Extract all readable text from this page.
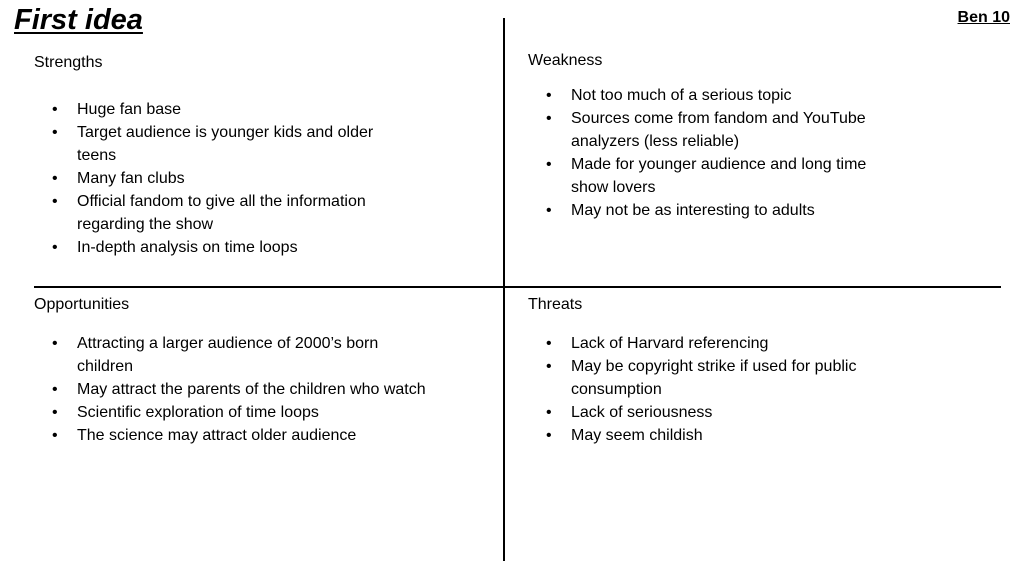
First idea	Ben 10
Strengths
• Huge fan base
• Target audience is younger kids and older teens
• Many fan clubs
• Official fandom to give all the information regarding the show
• In-depth analysis on time loops
Weakness
• Not too much of a serious topic
• Sources come from fandom and YouTube analyzers (less reliable)
• Made for younger audience and long time show lovers
• May not be as interesting to adults
Opportunities
• Attracting a larger audience of 2000’s born children
• May attract the parents of the children who watch
• Scientific exploration of time loops
• The science may attract older audience
Threats
• Lack of Harvard referencing
• May be copyright strike if used for public consumption
• Lack of seriousness
• May seem childish
